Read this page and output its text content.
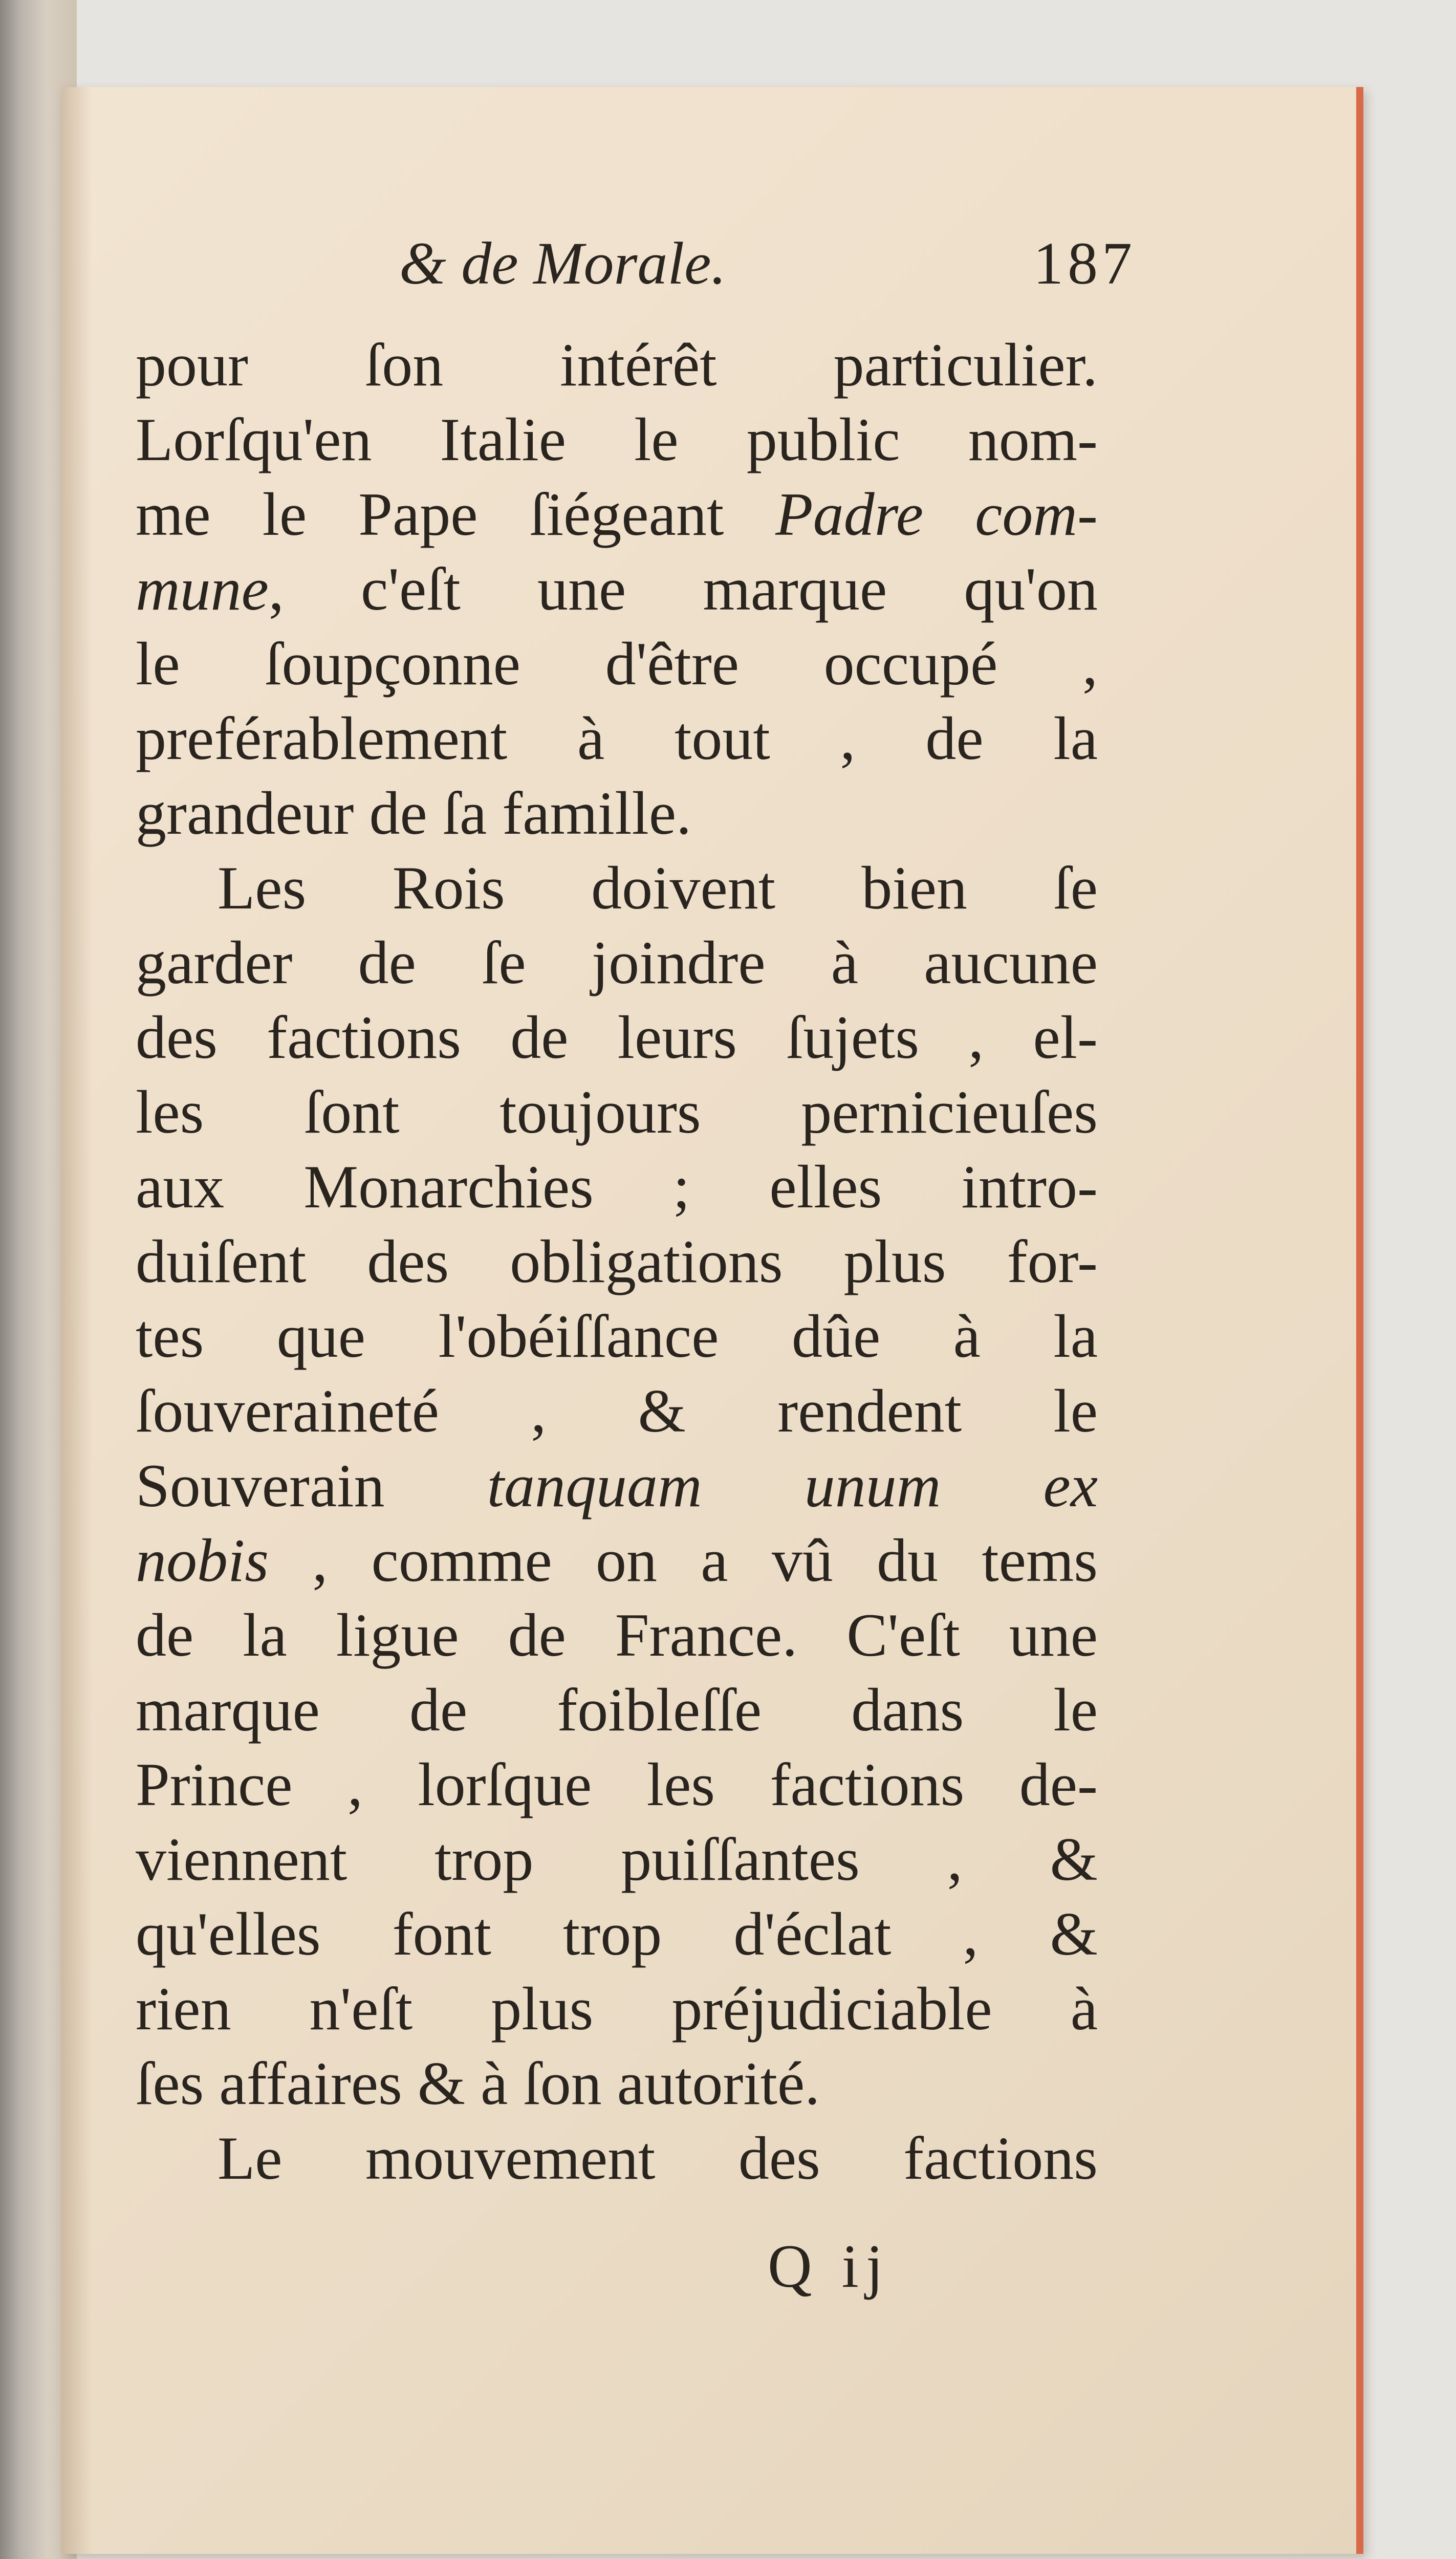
& de Morale.	187
pour ſon intérêt particulier.
Lorſqu'en Italie le public nom-
me le Pape ſiégeant Padre com-
mune, c'eſt une marque qu'on
le ſoupçonne d'être occupé ,
preférablement à tout , de la
grandeur de ſa famille.
Les Rois doivent bien ſe
garder de ſe joindre à aucune
des factions de leurs ſujets , el-
les ſont toujours pernicieuſes
aux Monarchies ; elles intro-
duiſent des obligations plus for-
tes que l'obéiſſance dûe à la
ſouveraineté , & rendent le
Souverain tanquam unum ex
nobis , comme on a vû du tems
de la ligue de France. C'eſt une
marque de foibleſſe dans le
Prince , lorſque les factions de-
viennent trop puiſſantes , &
qu'elles font trop d'éclat , &
rien n'eſt plus préjudiciable à
ſes affaires & à ſon autorité.
Le mouvement des factions
Q ij
